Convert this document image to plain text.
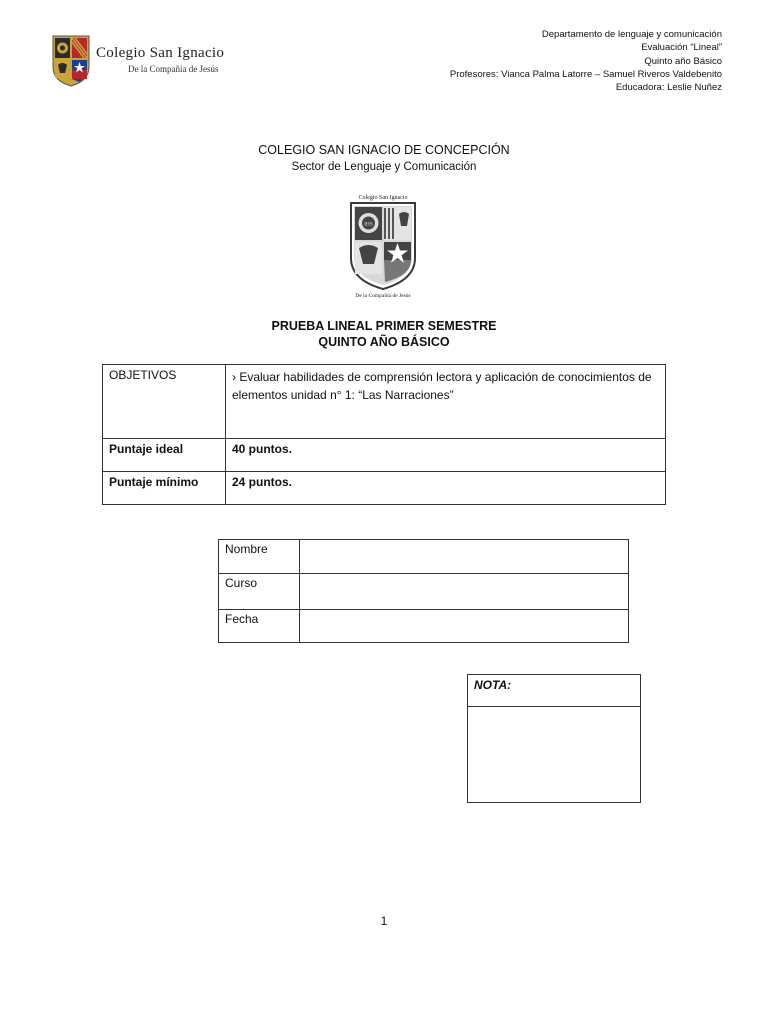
Colegio San Ignacio
De la Compañía de Jesús
Departamento de lenguaje y comunicación
Evaluación “Lineal”
Quinto año Básico
Profesores: Vianca Palma Latorre – Samuel Riveros Valdebenito
Educadora: Leslie Nuñez
COLEGIO SAN IGNACIO DE CONCEPCIÓN
Sector de Lenguaje y Comunicación
Colegio San Ignacio
IHS
De la Compañía de Jesús
PRUEBA LINEAL PRIMER SEMESTRE
QUINTO AÑO BÁSICO
OBJETIVOS	› Evaluar habilidades de comprensión lectora y aplicación de conocimientos de elementos unidad n° 1: “Las Narraciones”
Puntaje ideal	40 puntos.
Puntaje mínimo	24 puntos.
Nombre	
Curso	
Fecha	
NOTA:
1
